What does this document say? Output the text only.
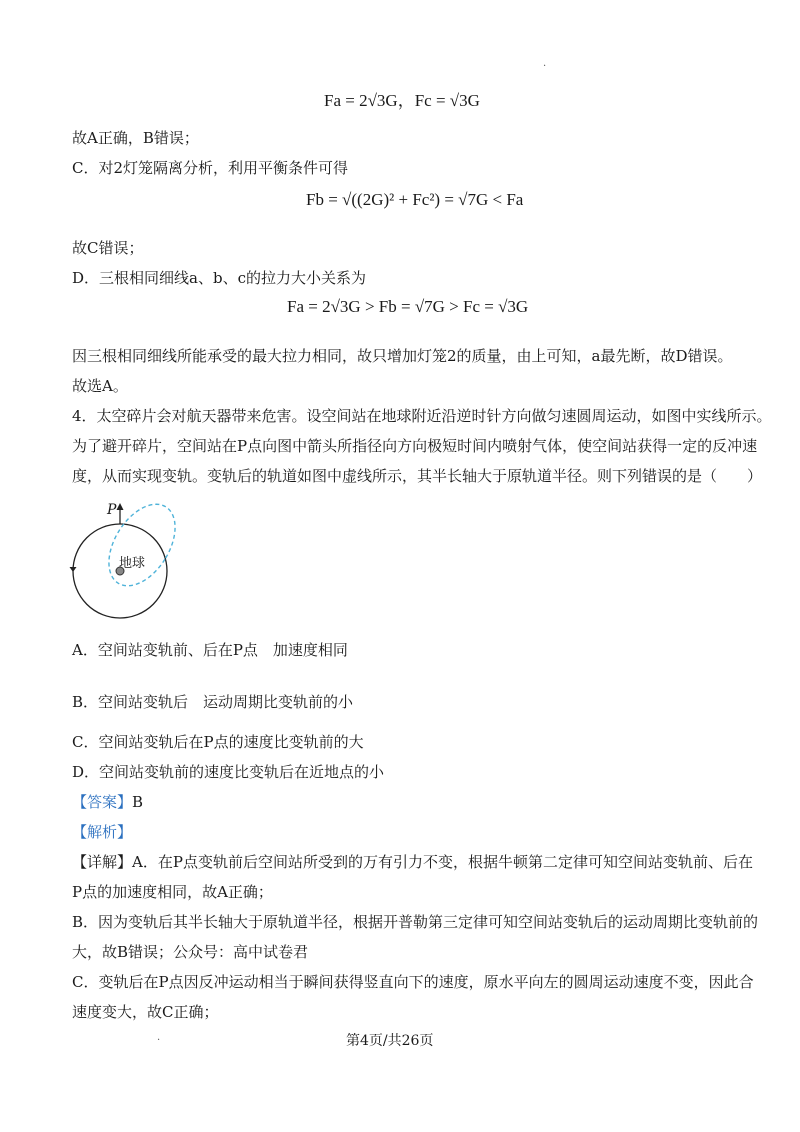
.
Fa = 2√3G，Fc = √3G
故A正确，B错误；
C．对2灯笼隔离分析，利用平衡条件可得
Fb = √((2G)² + Fc²) = √7G < Fa
故C错误；
D．三根相同细线a、b、c的拉力大小关系为
Fa = 2√3G > Fb = √7G > Fc = √3G
因三根相同细线所能承受的最大拉力相同，故只增加灯笼2的质量，由上可知，a最先断，故D错误。
故选A。
4．太空碎片会对航天器带来危害。设空间站在地球附近沿逆时针方向做匀速圆周运动，如图中实线所示。
为了避开碎片，空间站在P点向图中箭头所指径向方向极短时间内喷射气体，使空间站获得一定的反冲速
度，从而实现变轨。变轨后的轨道如图中虚线所示，其半长轴大于原轨道半径。则下列错误的是（　　）
P
地球
A．空间站变轨前、后在P点　加速度相同
B．空间站变轨后　运动周期比变轨前的小
C．空间站变轨后在P点的速度比变轨前的大
D．空间站变轨前的速度比变轨后在近地点的小
【答案】B
【解析】
【详解】A．在P点变轨前后空间站所受到的万有引力不变，根据牛顿第二定律可知空间站变轨前、后在
P点的加速度相同，故A正确；
B．因为变轨后其半长轴大于原轨道半径，根据开普勒第三定律可知空间站变轨后的运动周期比变轨前的
大，故B错误；公众号：高中试卷君
C．变轨后在P点因反冲运动相当于瞬间获得竖直向下的速度，原水平向左的圆周运动速度不变，因此合
速度变大，故C正确；
.	第4页/共26页
